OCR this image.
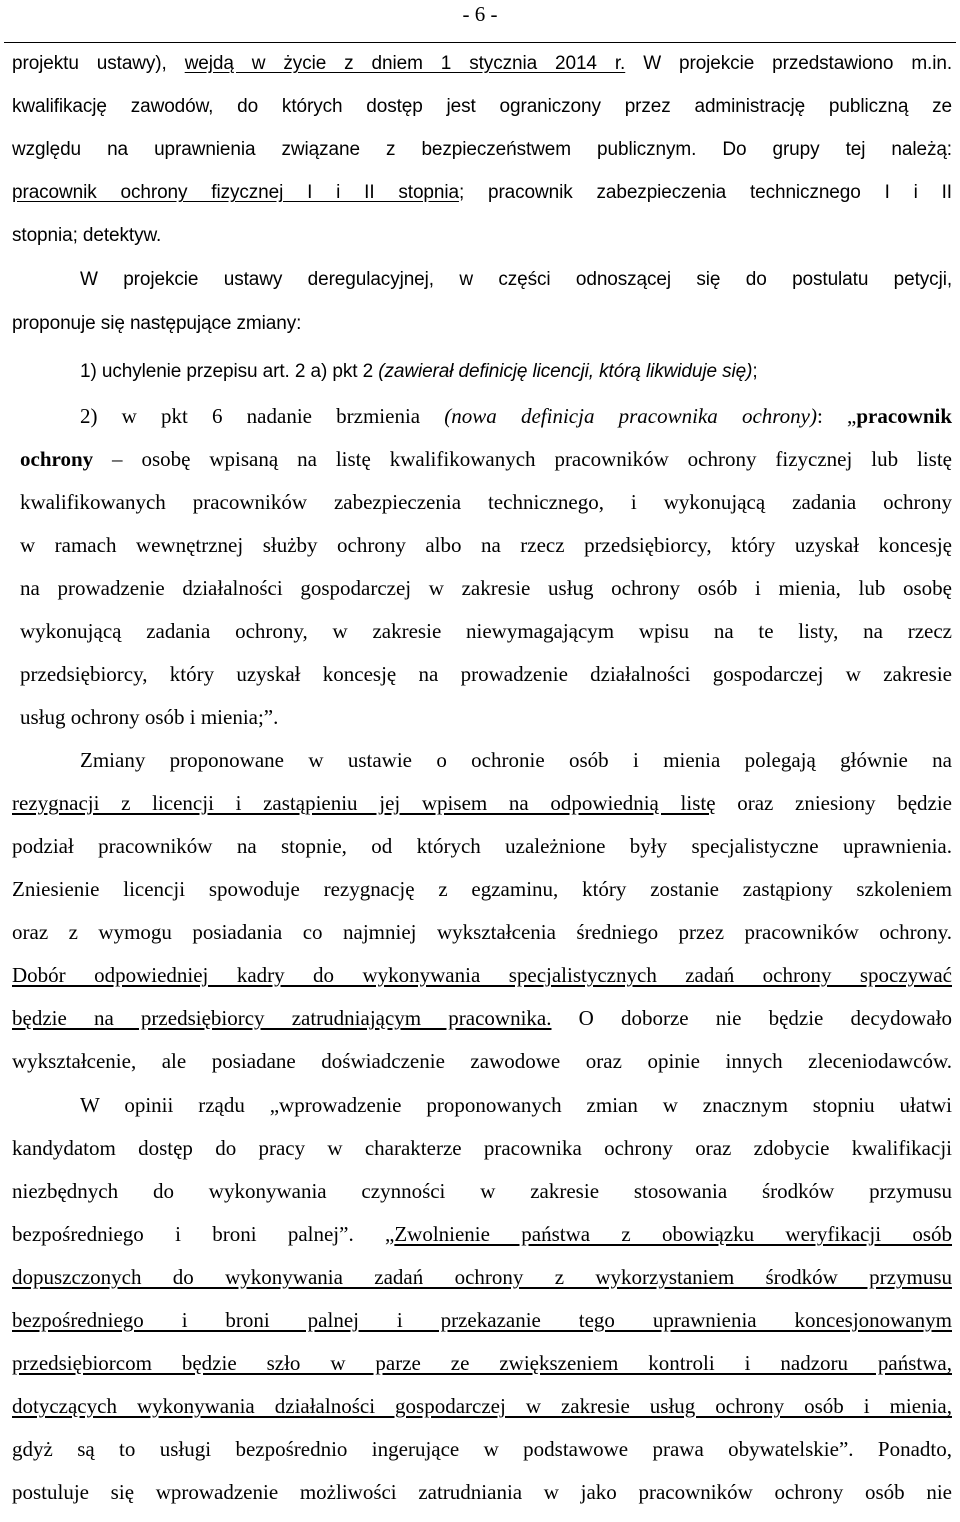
- 6 -
projektu ustawy), wejdą w życie z dniem 1 stycznia 2014 r. W projekcie przedstawiono m.in.
kwalifikację zawodów, do których dostęp jest ograniczony przez administrację publiczną ze
względu na uprawnienia związane z bezpieczeństwem publicznym. Do grupy tej należą:
pracownik ochrony fizycznej I i II stopnia; pracownik zabezpieczenia technicznego I i II
stopnia; detektyw.
W projekcie ustawy deregulacyjnej, w części odnoszącej się do postulatu petycji,
proponuje się następujące zmiany:
1) uchylenie przepisu art. 2 a) pkt 2 (zawierał definicję licencji, którą likwiduje się);
2) w pkt 6 nadanie brzmienia (nowa definicja pracownika ochrony): „pracownik
ochrony – osobę wpisaną na listę kwalifikowanych pracowników ochrony fizycznej lub listę
kwalifikowanych pracowników zabezpieczenia technicznego, i wykonującą zadania ochrony
w ramach wewnętrznej służby ochrony albo na rzecz przedsiębiorcy, który uzyskał koncesję
na prowadzenie działalności gospodarczej w zakresie usług ochrony osób i mienia, lub osobę
wykonującą zadania ochrony, w zakresie niewymagającym wpisu na te listy, na rzecz
przedsiębiorcy, który uzyskał koncesję na prowadzenie działalności gospodarczej w zakresie
usług ochrony osób i mienia;”.
Zmiany proponowane w ustawie o ochronie osób i mienia polegają głównie na
rezygnacji z licencji i zastąpieniu jej wpisem na odpowiednią listę oraz zniesiony będzie
podział pracowników na stopnie, od których uzależnione były specjalistyczne uprawnienia.
Zniesienie licencji spowoduje rezygnację z egzaminu, który zostanie zastąpiony szkoleniem
oraz z wymogu posiadania co najmniej wykształcenia średniego przez pracowników ochrony.
Dobór odpowiedniej kadry do wykonywania specjalistycznych zadań ochrony spoczywać
będzie na przedsiębiorcy zatrudniającym pracownika. O doborze nie będzie decydowało
wykształcenie, ale posiadane doświadczenie zawodowe oraz opinie innych zleceniodawców.
W opinii rządu „wprowadzenie proponowanych zmian w znacznym stopniu ułatwi
kandydatom dostęp do pracy w charakterze pracownika ochrony oraz zdobycie kwalifikacji
niezbędnych do wykonywania czynności w zakresie stosowania środków przymusu
bezpośredniego i broni palnej”. „Zwolnienie państwa z obowiązku weryfikacji osób
dopuszczonych do wykonywania zadań ochrony z wykorzystaniem środków przymusu
bezpośredniego i broni palnej i przekazanie tego uprawnienia koncesjonowanym
przedsiębiorcom będzie szło w parze ze zwiększeniem kontroli i nadzoru państwa,
dotyczących wykonywania działalności gospodarczej w zakresie usług ochrony osób i mienia,
gdyż są to usługi bezpośrednio ingerujące w podstawowe prawa obywatelskie”. Ponadto,
postuluje się wprowadzenie możliwości zatrudniania w jako pracowników ochrony osób nie
